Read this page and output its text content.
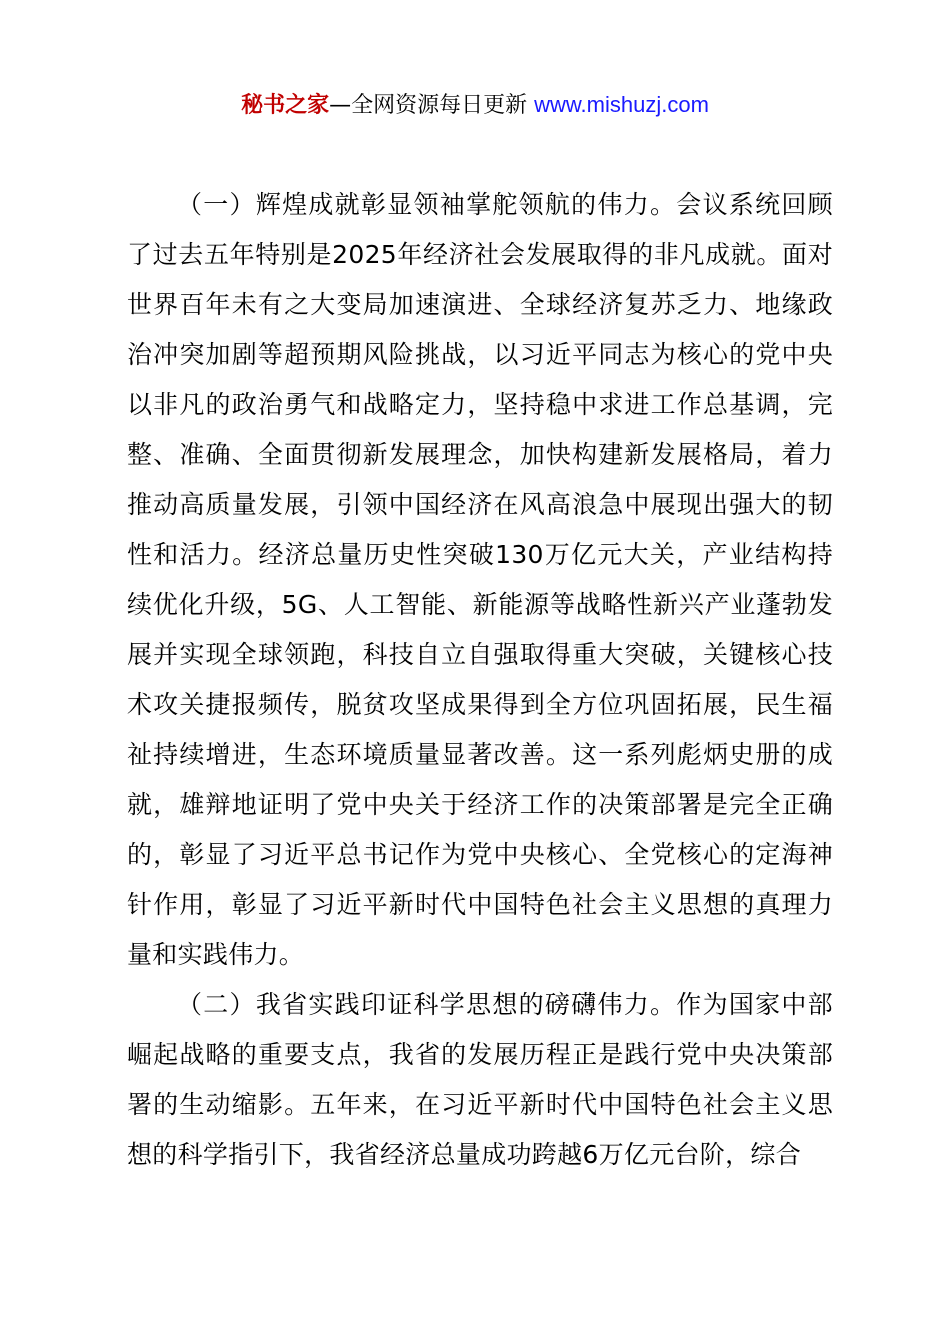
秘书之家—全网资源每日更新 www.mishuzj.com

（一）辉煌成就彰显领袖掌舵领航的伟力。会议系统回顾了过去五年特别是2025年经济社会发展取得的非凡成就。面对世界百年未有之大变局加速演进、全球经济复苏乏力、地缘政治冲突加剧等超预期风险挑战，以习近平同志为核心的党中央以非凡的政治勇气和战略定力，坚持稳中求进工作总基调，完整、准确、全面贯彻新发展理念，加快构建新发展格局，着力推动高质量发展，引领中国经济在风高浪急中展现出强大的韧性和活力。经济总量历史性突破130万亿元大关，产业结构持续优化升级，5G、人工智能、新能源等战略性新兴产业蓬勃发展并实现全球领跑，科技自立自强取得重大突破，关键核心技术攻关捷报频传，脱贫攻坚成果得到全方位巩固拓展，民生福祉持续增进，生态环境质量显著改善。这一系列彪炳史册的成就，雄辩地证明了党中央关于经济工作的决策部署是完全正确的，彰显了习近平总书记作为党中央核心、全党核心的定海神针作用，彰显了习近平新时代中国特色社会主义思想的真理力量和实践伟力。

（二）我省实践印证科学思想的磅礴伟力。作为国家中部崛起战略的重要支点，我省的发展历程正是践行党中央决策部署的生动缩影。五年来，在习近平新时代中国特色社会主义思想的科学指引下，我省经济总量成功跨越6万亿元台阶，综合
